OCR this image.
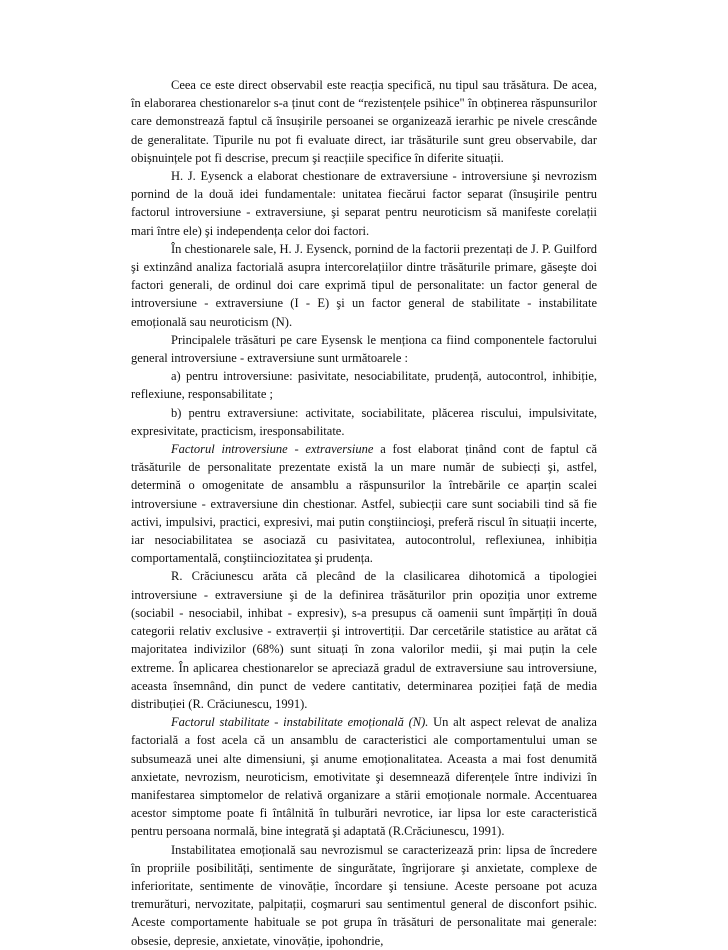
Ceea ce este direct observabil este reacția specifică, nu tipul sau trăsătura. De acea, în elaborarea chestionarelor s-a ținut cont de “rezistențele psihice" în obținerea răspunsurilor care demonstrează faptul că însușirile persoanei se organizează ierarhic pe nivele crescânde de generalitate. Tipurile nu pot fi evaluate direct, iar trăsăturile sunt greu observabile, dar obișnuințele pot fi descrise, precum şi reacțiile specifice în diferite situații.

H. J. Eysenck a elaborat chestionare de extraversiune - introversiune şi nevrozism pornind de la două idei fundamentale: unitatea fiecărui factor separat (însuşirile pentru factorul introversiune - extraversiune, şi separat pentru neuroticism să manifeste corelații mari între ele) şi independența celor doi factori.

În chestionarele sale, H. J. Eysenck, pornind de la factorii prezentați de J. P. Guilford şi extinzând analiza factorială asupra intercorelațiilor dintre trăsăturile primare, găseşte doi factori generali, de ordinul doi care exprimă tipul de personalitate: un factor general de introversiune - extraversiune (I - E) şi un factor general de stabilitate - instabilitate emoțională sau neuroticism (N).

Principalele trăsături pe care Eysensk le menționa ca fiind componentele factorului general introversiune - extraversiune sunt următoarele :

a) pentru introversiune: pasivitate, nesociabilitate, prudență, autocontrol, inhibiție, reflexiune, responsabilitate ;

b) pentru extraversiune: activitate, sociabilitate, plăcerea riscului, impulsivitate, expresivitate, practicism, iresponsabilitate.

Factorul introversiune - extraversiune a fost elaborat ținând cont de faptul că trăsăturile de personalitate prezentate există la un mare număr de subiecți şi, astfel, determină o omogenitate de ansamblu a răspunsurilor la întrebările ce aparțin scalei introversiune - extraversiune din chestionar. Astfel, subiecții care sunt sociabili tind să fie activi, impulsivi, practici, expresivi, mai putin conştiincioşi, preferă riscul în situații incerte, iar nesociabilitatea se asociază cu pasivitatea, autocontrolul, reflexiunea, inhibiția comportamentală, conştiinciozitatea şi prudența.

R. Crăciunescu arăta că plecând de la clasilicarea dihotomică a tipologiei introversiune - extraversiune şi de la definirea trăsăturilor prin opoziția unor extreme (sociabil - nesociabil, inhibat - expresiv), s-a presupus că oamenii sunt împărțiți în două categorii relativ exclusive - extraverții şi introvertiții. Dar cercetările statistice au arătat că majoritatea indivizilor (68%) sunt situați în zona valorilor medii, şi mai puțin la cele extreme. În aplicarea chestionarelor se apreciază gradul de extraversiune sau introversiune, aceasta însemnând, din punct de vedere cantitativ, determinarea poziției față de media distribuției (R. Crăciunescu, 1991).

Factorul stabilitate - instabilitate emoțională (N). Un alt aspect relevat de analiza factorială a fost acela că un ansamblu de caracteristici ale comportamentului uman se subsumează unei alte dimensiuni, şi anume emoționalitatea. Aceasta a mai fost denumită anxietate, nevrozism, neuroticism, emotivitate şi desemnează diferențele între indivizi în manifestarea simptomelor de relativă organizare a stării emoționale normale. Accentuarea acestor simptome poate fi întâlnită în tulburări nevrotice, iar lipsa lor este caracteristică pentru persoana normală, bine integrată şi adaptată (R.Crăciunescu, 1991).

Instabilitatea emoțională sau nevrozismul se caracterizează prin: lipsa de încredere în propriile posibilități, sentimente de singurătate, îngrijorare şi anxietate, complexe de inferioritate, sentimente de vinovăție, încordare şi tensiune. Aceste persoane pot acuza tremurături, nervozitate, palpitații, coşmaruri sau sentimentul general de disconfort psihic. Aceste comportamente habituale se pot grupa în trăsături de personalitate mai generale: obsesie, depresie, anxietate, vinovăție, ipohondrie,
